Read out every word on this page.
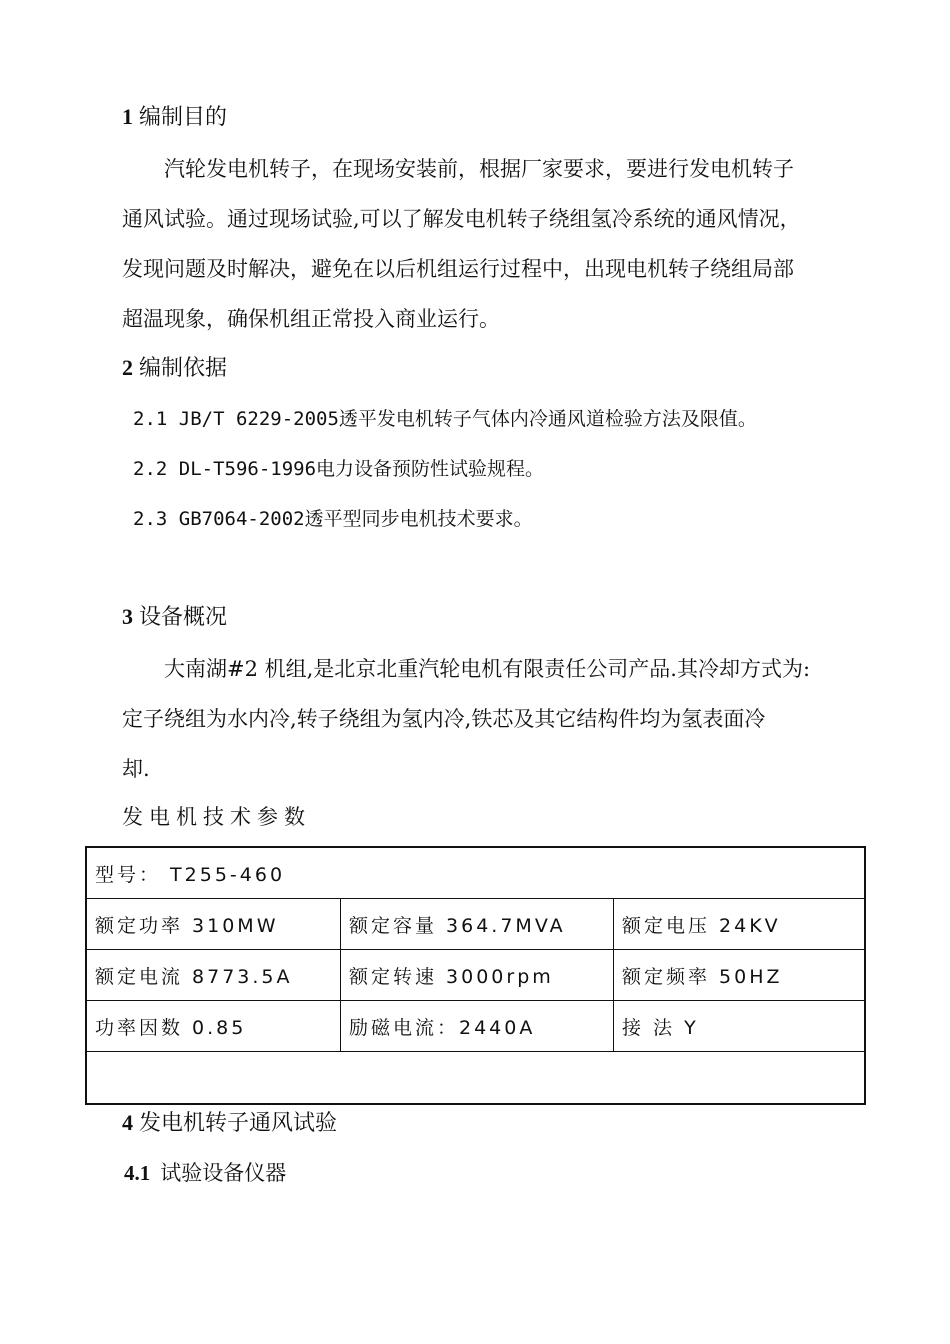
1 编制目的
　　汽轮发电机转子，在现场安装前，根据厂家要求，要进行发电机转子
通风试验。通过现场试验,可以了解发电机转子绕组氢冷系统的通风情况，
发现问题及时解决，避免在以后机组运行过程中，出现电机转子绕组局部
超温现象，确保机组正常投入商业运行。
2 编制依据
2.1 JB/T 6229-2005透平发电机转子气体内冷通风道检验方法及限值。
2.2 DL-T596-1996电力设备预防性试验规程。
2.3 GB7064-2002透平型同步电机技术要求。
3 设备概况
　　大南湖#2 机组,是北京北重汽轮电机有限责任公司产品.其冷却方式为:
定子绕组为水内冷,转子绕组为氢内冷,铁芯及其它结构件均为氢表面冷
却.
发电机技术参数
型号： T255-460		
额定功率 310MW	额定容量 364.7MVA	额定电压 24KV
额定电流 8773.5A	额定转速 3000rpm	额定频率 50HZ
功率因数 0.85	励磁电流：2440A	接 法 Y

4 发电机转子通风试验
4.1 试验设备仪器
